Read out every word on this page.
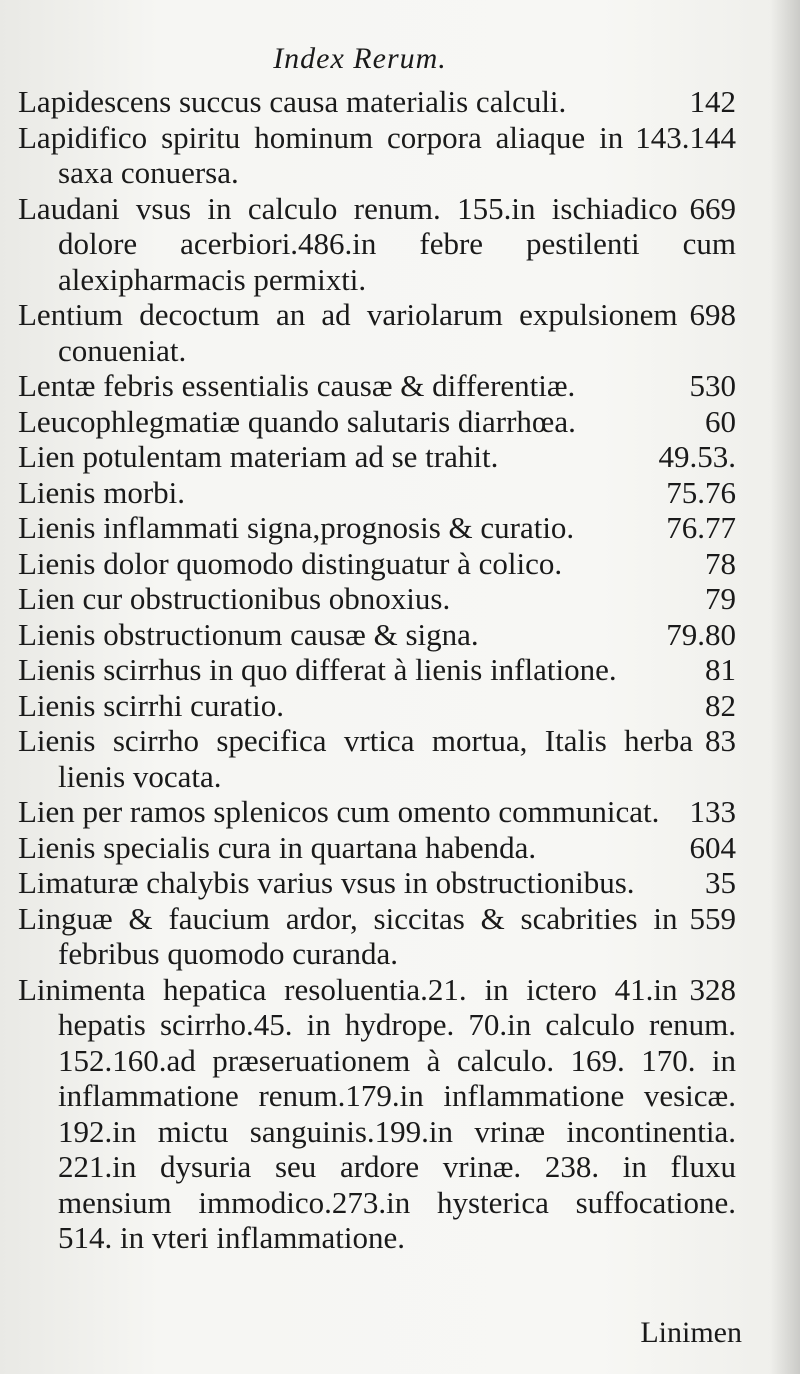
Index Rerum.

142
Lapidescens succus causa materialis calculi.

143.144
Lapidifico spiritu hominum corpora aliaque in saxa conuersa.

669
Laudani vsus in calculo renum. 155.in ischiadico dolore acerbiori.486.in febre pestilenti cum alexipharmacis permixti.

698
Lentium decoctum an ad variolarum expulsionem conueniat.

530
Lentæ febris essentialis causæ & differentiæ.

60
Leucophlegmatiæ quando salutaris diarrhœa.

49.53.
Lien potulentam materiam ad se trahit.

75.76
Lienis morbi.

76.77
Lienis inflammati signa,prognosis & curatio.

78
Lienis dolor quomodo distinguatur à colico.

79
Lien cur obstructionibus obnoxius.

79.80
Lienis obstructionum causæ & signa.

81
Lienis scirrhus in quo differat à lienis inflatione.

82
Lienis scirrhi curatio.

83
Lienis scirrho specifica vrtica mortua, Italis herba lienis vocata.

133
Lien per ramos splenicos cum omento communicat.

604
Lienis specialis cura in quartana habenda.

35
Limaturæ chalybis varius vsus in obstructionibus.

559
Linguæ & faucium ardor, siccitas & scabrities in febribus quomodo curanda.

328
Linimenta hepatica resoluentia.21. in ictero 41.in hepatis scirrho.45. in hydrope. 70.in calculo renum. 152.160.ad præseruationem à calculo. 169. 170. in inflammatione renum.179.in inflammatione vesicæ. 192.in mictu sanguinis.199.in vrinæ incontinentia. 221.in dysuria seu ardore vrinæ. 238. in fluxu mensium immodico.273.in hysterica suffocatione. 514. in vteri inflammatione.

Linimen
